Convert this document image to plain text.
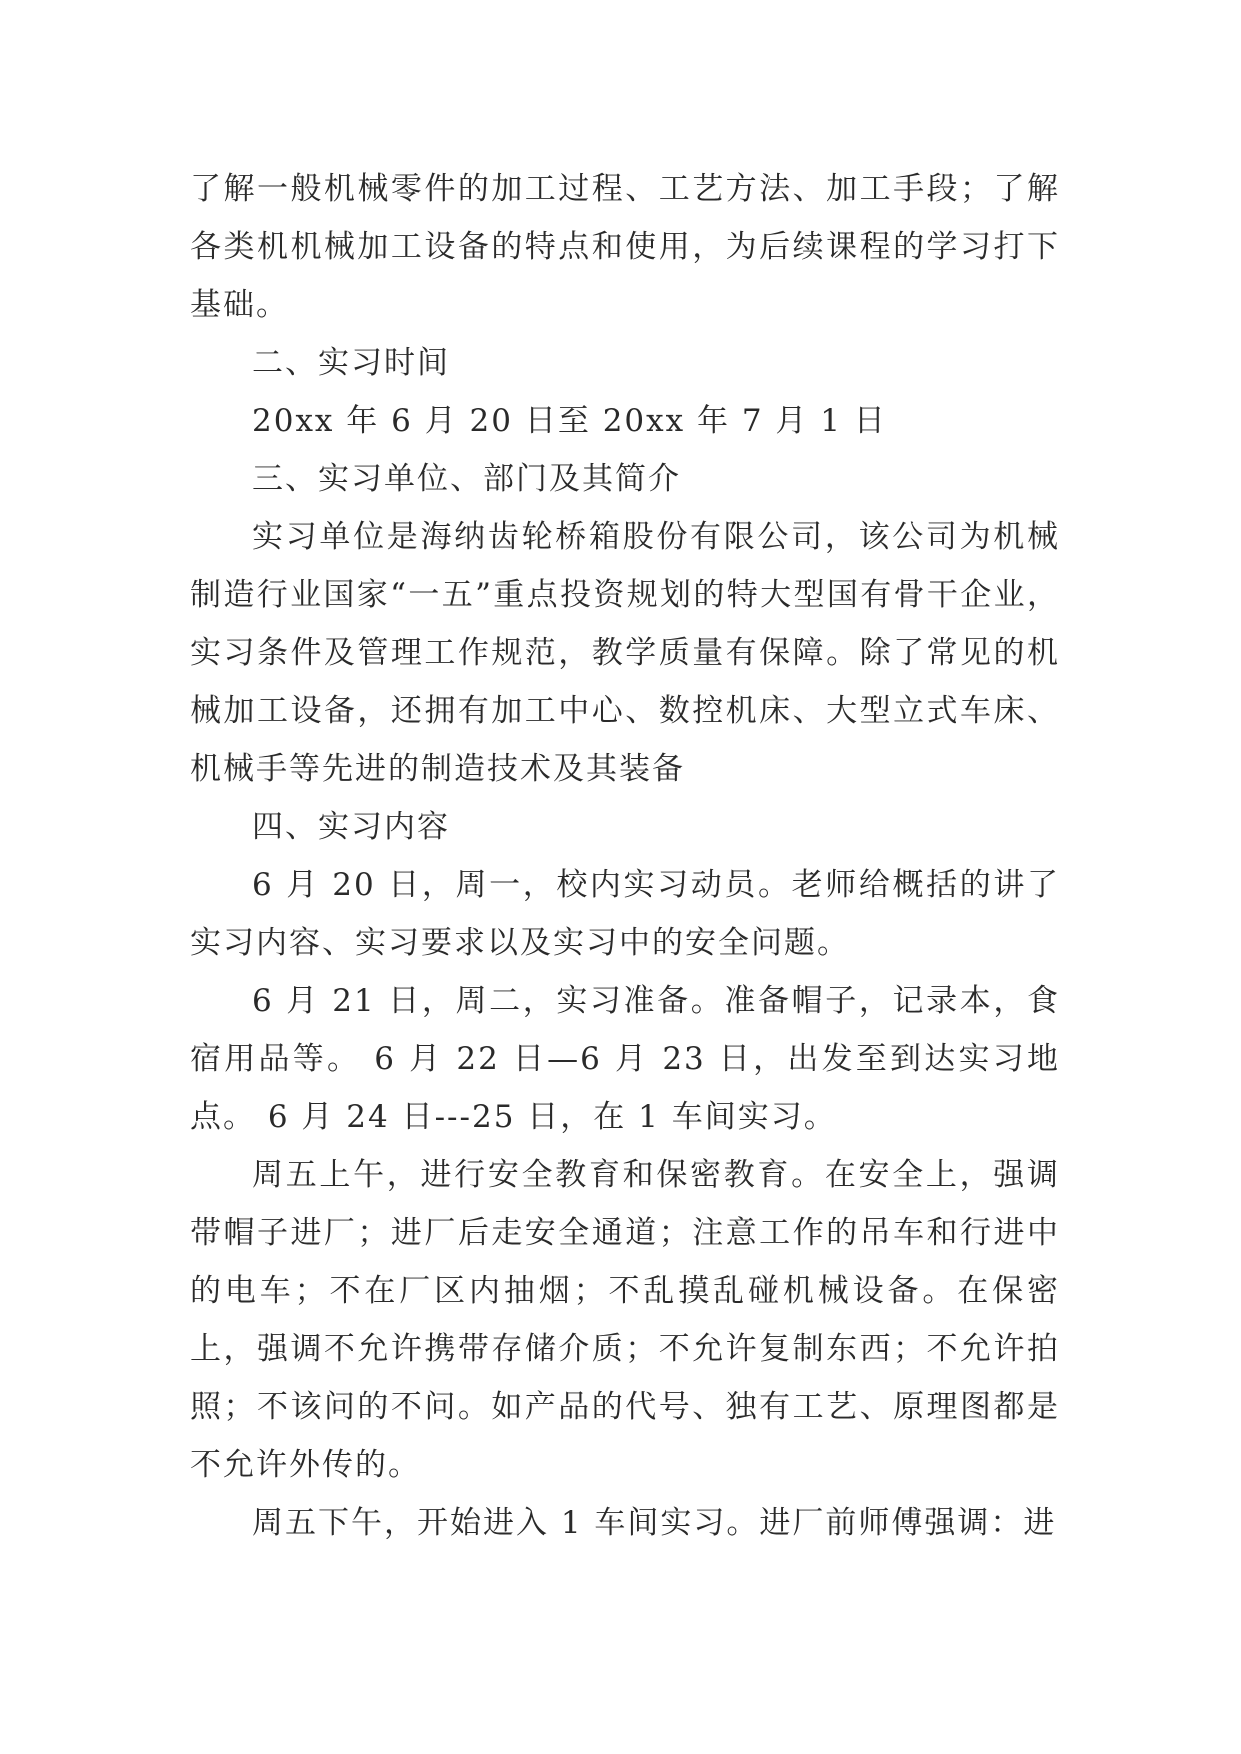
了解一般机械零件的加工过程、工艺方法、加工手段；了解各类机机械加工设备的特点和使用，为后续课程的学习打下基础。

二、实习时间

20xx 年 6 月 20 日至 20xx 年 7 月 1 日

三、实习单位、部门及其简介

实习单位是海纳齿轮桥箱股份有限公司，该公司为机械制造行业国家“一五”重点投资规划的特大型国有骨干企业，实习条件及管理工作规范，教学质量有保障。除了常见的机械加工设备，还拥有加工中心、数控机床、大型立式车床、机械手等先进的制造技术及其装备

四、实习内容

6 月 20 日，周一，校内实习动员。老师给概括的讲了实习内容、实习要求以及实习中的安全问题。

6 月 21 日，周二，实习准备。准备帽子，记录本，食宿用品等。 6 月 22 日—6 月 23 日，出发至到达实习地点。 6 月 24 日---25 日，在 1 车间实习。

周五上午，进行安全教育和保密教育。在安全上，强调带帽子进厂；进厂后走安全通道；注意工作的吊车和行进中的电车；不在厂区内抽烟；不乱摸乱碰机械设备。在保密上，强调不允许携带存储介质；不允许复制东西；不允许拍照；不该问的不问。如产品的代号、独有工艺、原理图都是不允许外传的。

周五下午，开始进入 1 车间实习。进厂前师傅强调：进
